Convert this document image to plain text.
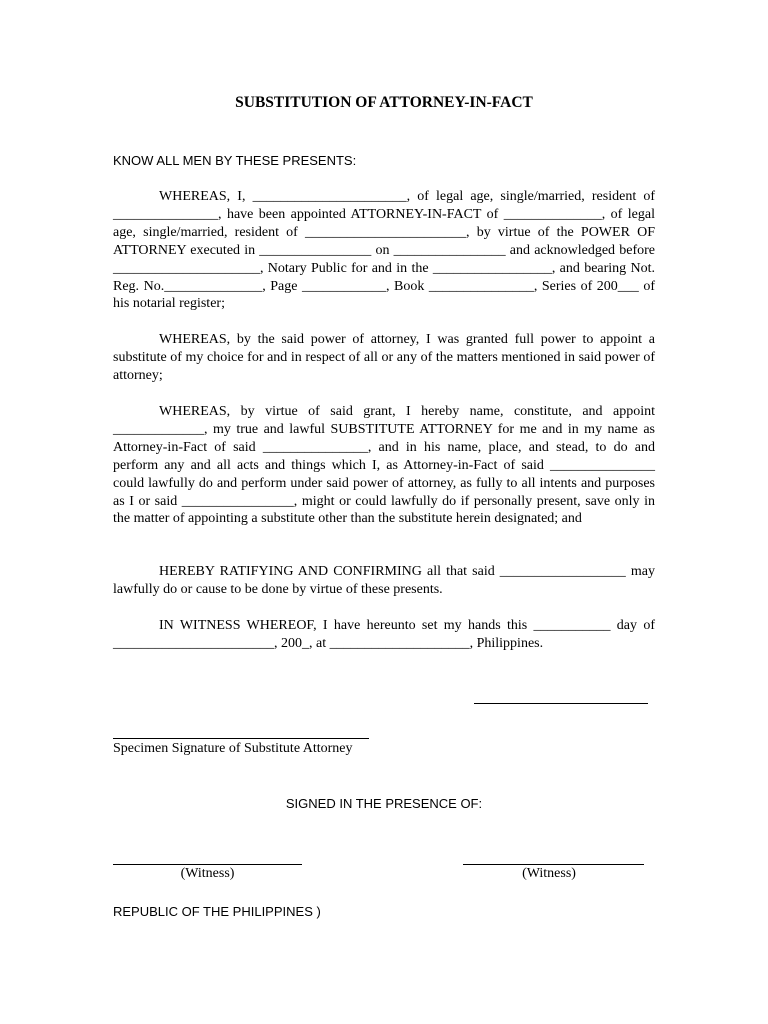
SUBSTITUTION OF ATTORNEY-IN-FACT
KNOW ALL MEN BY THESE PRESENTS:
WHEREAS, I, ______________________, of legal age, single/married, resident of _______________, have been appointed ATTORNEY-IN-FACT of ______________, of legal age, single/married, resident of _______________________, by virtue of the POWER OF ATTORNEY executed in ________________ on ________________ and acknowledged before _____________________, Notary Public for and in the _________________, and bearing Not. Reg. No.______________, Page ____________, Book _______________, Series of 200___ of his notarial register;
WHEREAS, by the said power of attorney, I was granted full power to appoint a substitute of my choice for and in respect of all or any of the matters mentioned in said power of attorney;
WHEREAS, by virtue of said grant, I hereby name, constitute, and appoint _____________, my true and lawful SUBSTITUTE ATTORNEY for me and in my name as Attorney-in-Fact of said _______________, and in his name, place, and stead, to do and perform any and all acts and things which I, as Attorney-in-Fact of said _______________ could lawfully do and perform under said power of attorney, as fully to all intents and purposes as I or said ________________, might or could lawfully do if personally present, save only in the matter of appointing a substitute other than the substitute herein designated; and
HEREBY RATIFYING AND CONFIRMING all that said __________________ may lawfully do or cause to be done by virtue of these presents.
IN WITNESS WHEREOF, I have hereunto set my hands this ___________ day of _______________________, 200_, at ____________________, Philippines.
Specimen Signature of Substitute Attorney
SIGNED IN THE PRESENCE OF:
(Witness)	(Witness)
REPUBLIC OF THE PHILIPPINES )
